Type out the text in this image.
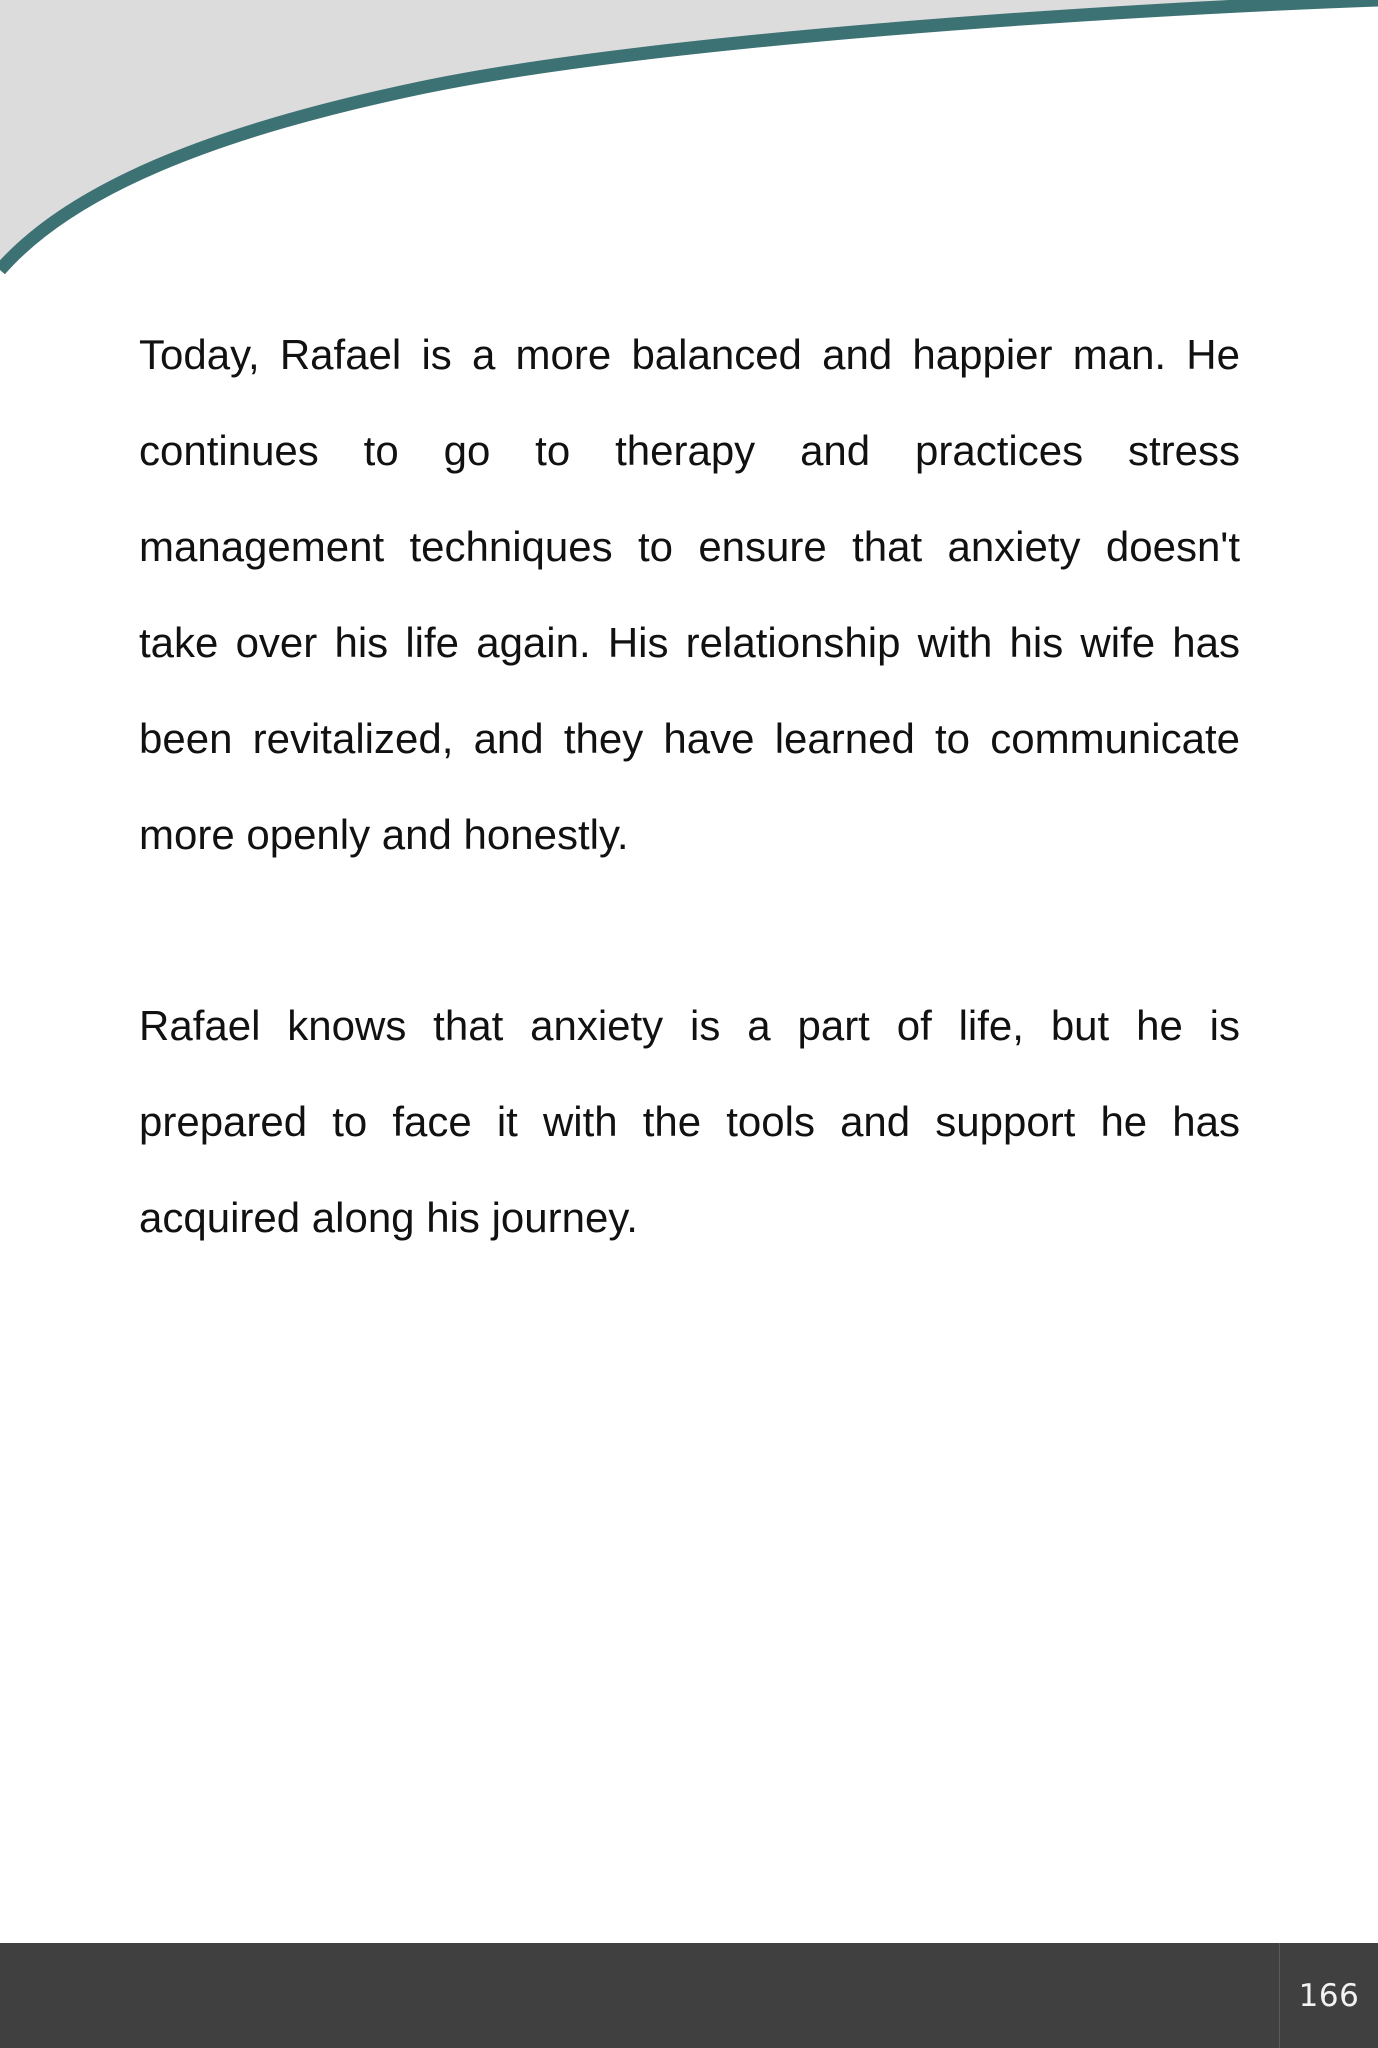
Today, Rafael is a more balanced and happier man. He continues to go to therapy and practices stress management techniques to ensure that anxiety doesn't take over his life again. His relationship with his wife has been revitalized, and they have learned to communicate more openly and honestly.

Rafael knows that anxiety is a part of life, but he is prepared to face it with the tools and support he has acquired along his journey.

166
